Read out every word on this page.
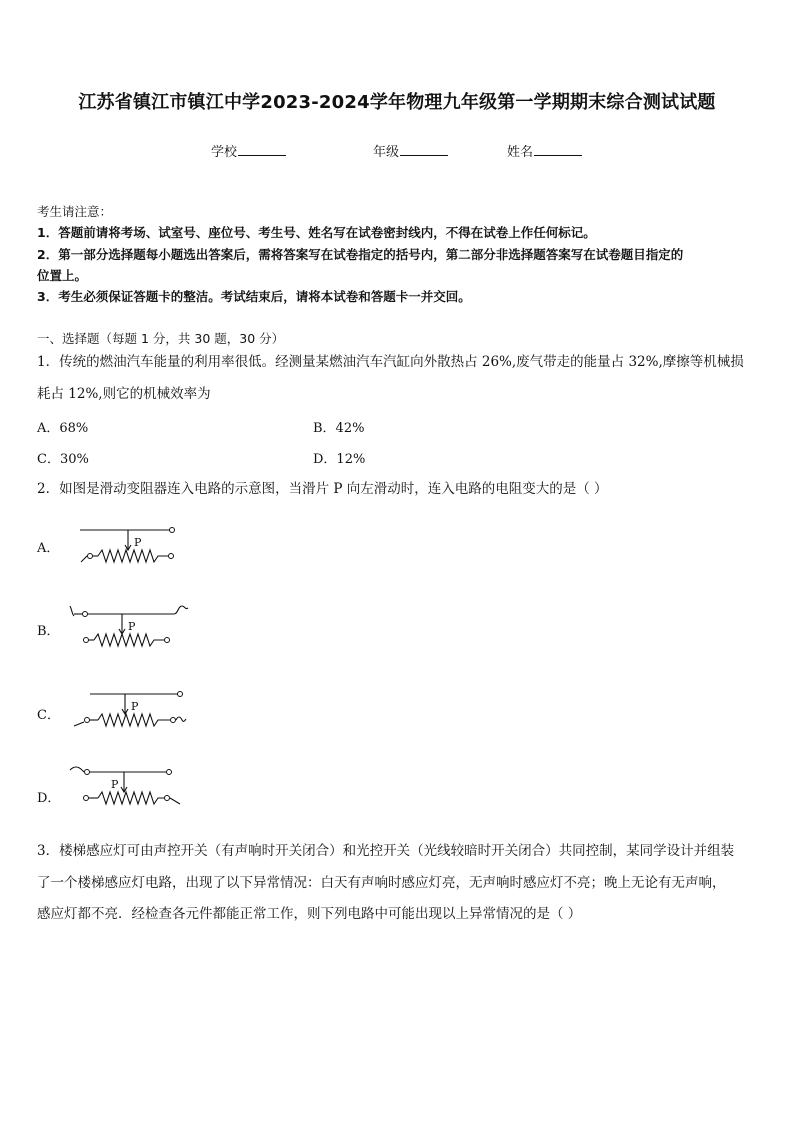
江苏省镇江市镇江中学2023-2024学年物理九年级第一学期期末综合测试试题
学校	年级	姓名
考生请注意：
1．答题前请将考场、试室号、座位号、考生号、姓名写在试卷密封线内，不得在试卷上作任何标记。
2．第一部分选择题每小题选出答案后，需将答案写在试卷指定的括号内，第二部分非选择题答案写在试卷题目指定的
位置上。
3．考生必须保证答题卡的整洁。考试结束后，请将本试卷和答题卡一并交回。
一、选择题（每题 1 分，共 30 题，30 分）
1．传统的燃油汽车能量的利用率很低。经测量某燃油汽车汽缸向外散热占 26%,废气带走的能量占 32%,摩擦等机械损
耗占 12%,则它的机械效率为
A．68%	B．42%
C．30%	D．12%
2．如图是滑动变阻器连入电路的示意图，当滑片 P 向左滑动时，连入电路的电阻变大的是（ ）
A．	P
B．	P
C．
P
D．
P
3．楼梯感应灯可由声控开关（有声响时开关闭合）和光控开关（光线较暗时开关闭合）共同控制，某同学设计并组装
了一个楼梯感应灯电路，出现了以下异常情况：白天有声响时感应灯亮，无声响时感应灯不亮；晚上无论有无声响，
感应灯都不亮．经检查各元件都能正常工作，则下列电路中可能出现以上异常情况的是（ ）
